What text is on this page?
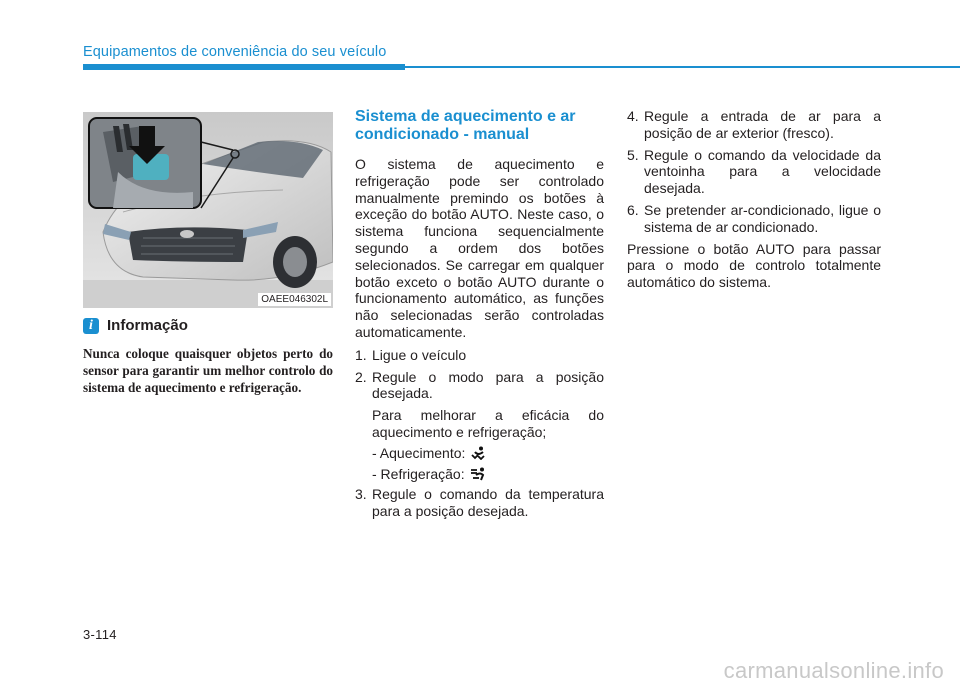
Equipamentos de conveniência do seu veículo
OAEE046302L
i Informação
Nunca coloque quaisquer objetos perto do sensor para garantir um melhor controlo do sistema de aquecimento e refrigeração.
Sistema de aquecimento e ar condicionado - manual
O sistema de aquecimento e refrigeração pode ser controlado manualmente premindo os botões à exceção do botão AUTO. Neste caso, o sistema funciona sequencialmente segundo a ordem dos botões selecionados. Se carregar em qualquer botão exceto o botão AUTO durante o funcionamento automático, as funções não selecionadas serão controladas automaticamente.
1. Ligue o veículo
2. Regule o modo para a posição desejada.
Para melhorar a eficácia do aquecimento e refrigeração;
- Aquecimento:
- Refrigeração:
3. Regule o comando da temperatura para a posição desejada.
4. Regule a entrada de ar para a posição de ar exterior (fresco).
5. Regule o comando da velocidade da ventoinha para a velocidade desejada.
6. Se pretender ar-condicionado, ligue o sistema de ar condicionado.
Pressione o botão AUTO para passar para o modo de controlo totalmente automático do sistema.
3-114
carmanualsonline.info
